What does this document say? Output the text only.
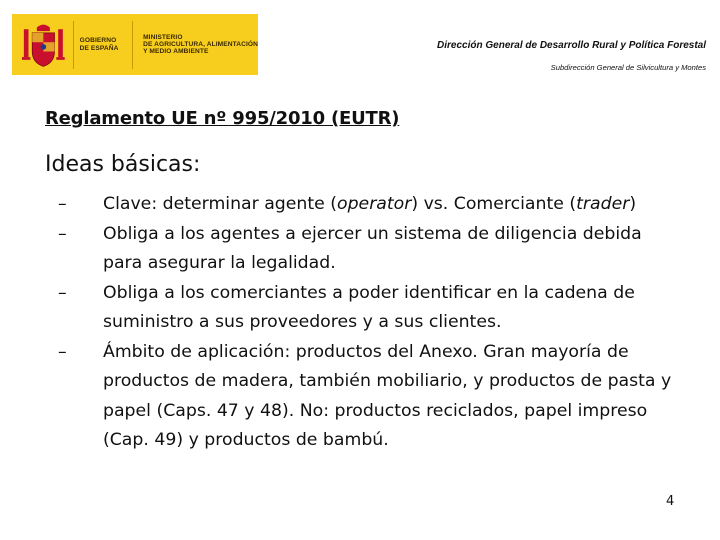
GOBIERNO
DE ESPAÑA
MINISTERIO
DE AGRICULTURA, ALIMENTACIÓN
Y MEDIO AMBIENTE
Dirección General de Desarrollo Rural y Política Forestal
Subdirección General de Silvicultura y Montes
Reglamento UE nº 995/2010 (EUTR)
Ideas básicas:
– Clave: determinar agente (operator) vs. Comerciante (trader)
– Obliga a los agentes a ejercer un sistema de diligencia debida para asegurar la legalidad.
– Obliga a los comerciantes a poder identificar en la cadena de suministro a sus proveedores y a sus clientes.
– Ámbito de aplicación: productos del Anexo. Gran mayoría de productos de madera, también mobiliario, y productos de pasta y papel (Caps. 47 y 48). No: productos reciclados, papel impreso (Cap. 49) y productos de bambú.
4
